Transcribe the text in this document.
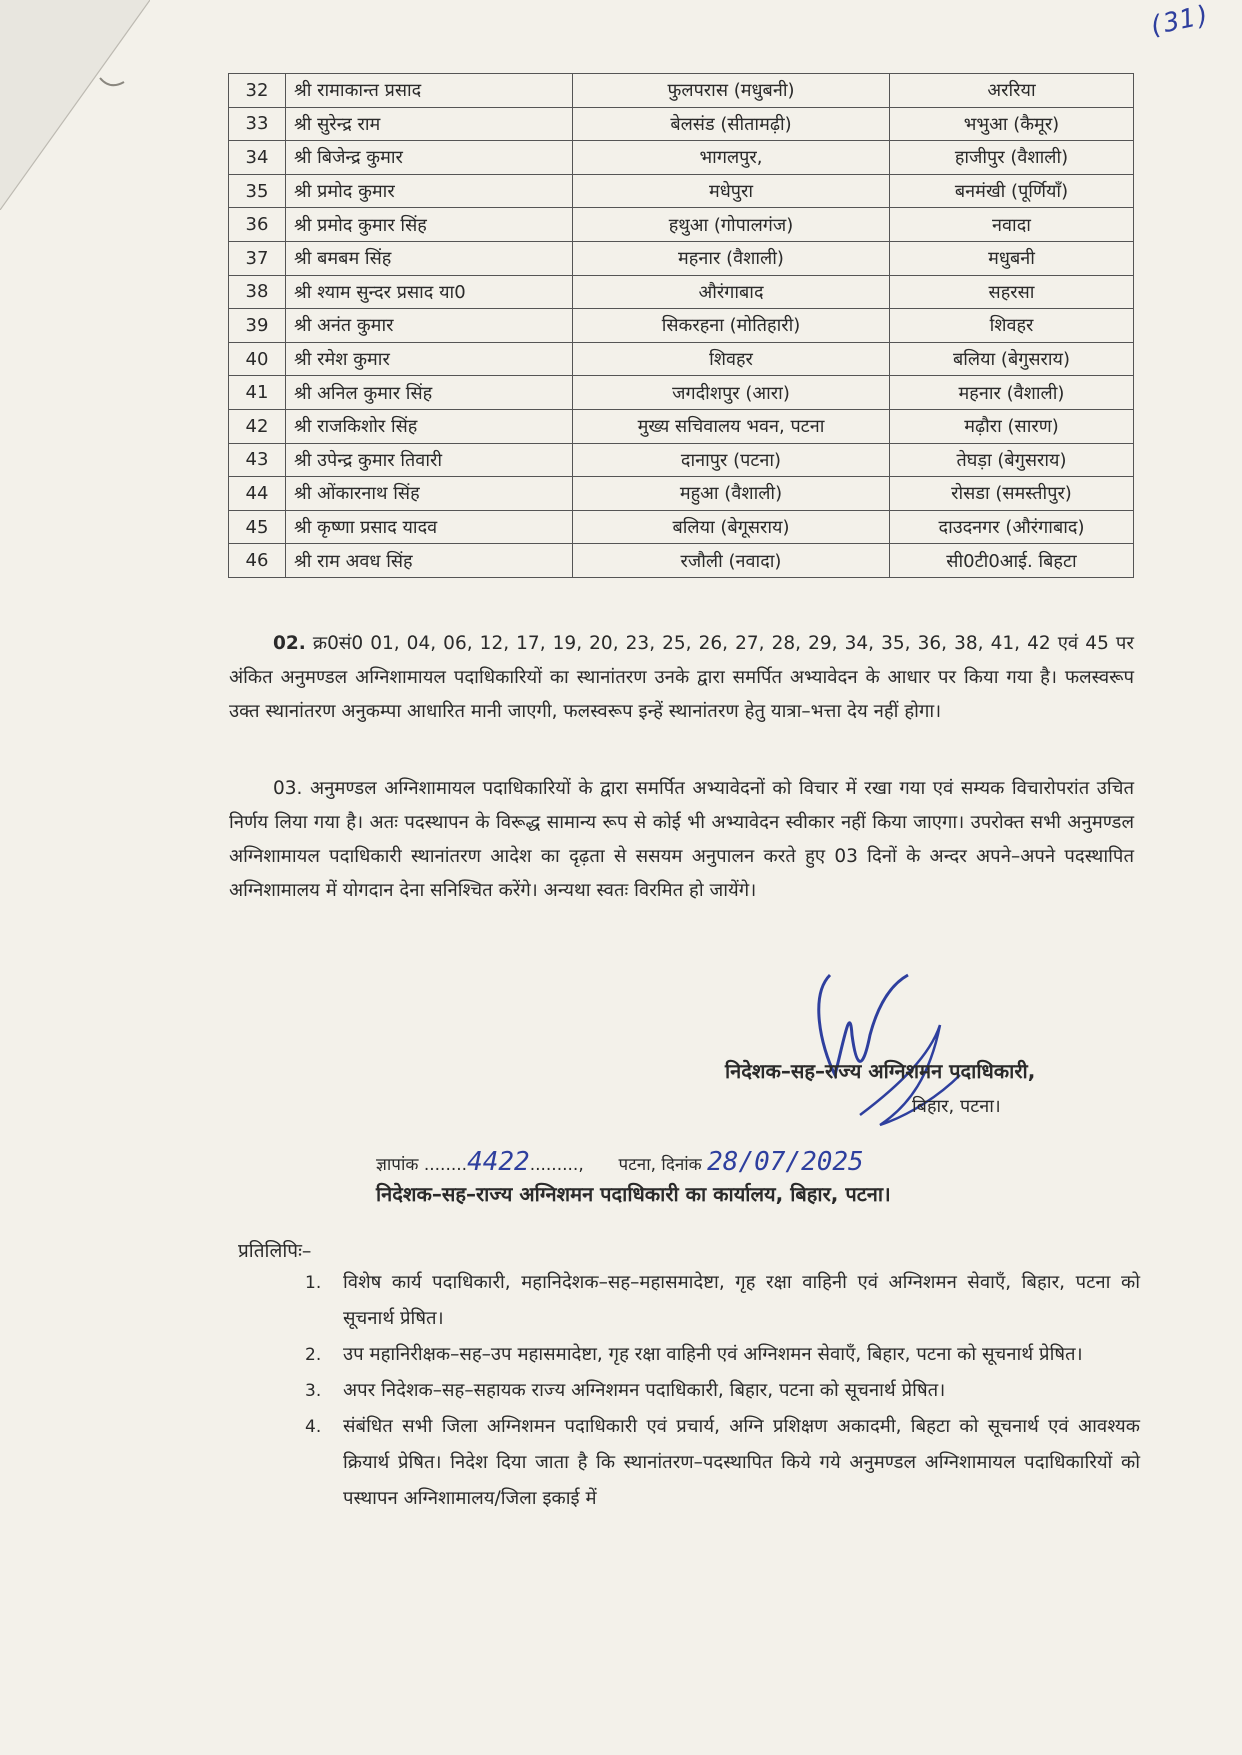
(31)
32	श्री रामाकान्त प्रसाद	फुलपरास (मधुबनी)	अररिया
33	श्री सुरेन्द्र राम	बेलसंड (सीतामढ़ी)	भभुआ (कैमूर)
34	श्री बिजेन्द्र कुमार	भागलपुर,	हाजीपुर (वैशाली)
35	श्री प्रमोद कुमार	मधेपुरा	बनमंखी (पूर्णियाँ)
36	श्री प्रमोद कुमार सिंह	हथुआ (गोपालगंज)	नवादा
37	श्री बमबम सिंह	महनार (वैशाली)	मधुबनी
38	श्री श्याम सुन्दर प्रसाद या0	औरंगाबाद	सहरसा
39	श्री अनंत कुमार	सिकरहना (मोतिहारी)	शिवहर
40	श्री रमेश कुमार	शिवहर	बलिया (बेगुसराय)
41	श्री अनिल कुमार सिंह	जगदीशपुर (आरा)	महनार (वैशाली)
42	श्री राजकिशोर सिंह	मुख्य सचिवालय भवन, पटना	मढ़ौरा (सारण)
43	श्री उपेन्द्र कुमार तिवारी	दानापुर (पटना)	तेघड़ा (बेगुसराय)
44	श्री ओंकारनाथ सिंह	महुआ (वैशाली)	रोसडा (समस्तीपुर)
45	श्री कृष्णा प्रसाद यादव	बलिया (बेगूसराय)	दाउदनगर (औरंगाबाद)
46	श्री राम अवध सिंह	रजौली (नवादा)	सी0टी0आई. बिहटा
02. क्र0सं0 01, 04, 06, 12, 17, 19, 20, 23, 25, 26, 27, 28, 29, 34, 35, 36, 38, 41, 42 एवं 45 पर अंकित अनुमण्डल अग्निशामायल पदाधिकारियों का स्थानांतरण उनके द्वारा समर्पित अभ्यावेदन के आधार पर किया गया है। फलस्वरूप उक्त स्थानांतरण अनुकम्पा आधारित मानी जाएगी, फलस्वरूप इन्हें स्थानांतरण हेतु यात्रा–भत्ता देय नहीं होगा।
03. अनुमण्डल अग्निशामायल पदाधिकारियों के द्वारा समर्पित अभ्यावेदनों को विचार में रखा गया एवं सम्यक विचारोपरांत उचित निर्णय लिया गया है। अतः पदस्थापन के विरूद्ध सामान्य रूप से कोई भी अभ्यावेदन स्वीकार नहीं किया जाएगा। उपरोक्त सभी अनुमण्डल अग्निशामायल पदाधिकारी स्थानांतरण आदेश का दृढ़ता से ससयम अनुपालन करते हुए 03 दिनों के अन्दर अपने–अपने पदस्थापित अग्निशामालय में योगदान देना सनिश्चित करेंगे। अन्यथा स्वतः विरमित हो जायेंगे।
निदेशक–सह–राज्य अग्निशमन पदाधिकारी,
बिहार, पटना।
ज्ञापांक ........4422........., पटना, दिनांक 28/07/2025
निदेशक–सह–राज्य अग्निशमन पदाधिकारी का कार्यालय, बिहार, पटना।
प्रतिलिपिः–
1. विशेष कार्य पदाधिकारी, महानिदेशक–सह–महासमादेष्टा, गृह रक्षा वाहिनी एवं अग्निशमन सेवाएँ, बिहार, पटना को सूचनार्थ प्रेषित।
2. उप महानिरीक्षक–सह–उप महासमादेष्टा, गृह रक्षा वाहिनी एवं अग्निशमन सेवाएँ, बिहार, पटना को सूचनार्थ प्रेषित।
3. अपर निदेशक–सह–सहायक राज्य अग्निशमन पदाधिकारी, बिहार, पटना को सूचनार्थ प्रेषित।
4. संबंधित सभी जिला अग्निशमन पदाधिकारी एवं प्रचार्य, अग्नि प्रशिक्षण अकादमी, बिहटा को सूचनार्थ एवं आवश्यक क्रियार्थ प्रेषित। निदेश दिया जाता है कि स्थानांतरण–पदस्थापित किये गये अनुमण्डल अग्निशामायल पदाधिकारियों को पस्थापन अग्निशामालय/जिला इकाई में
